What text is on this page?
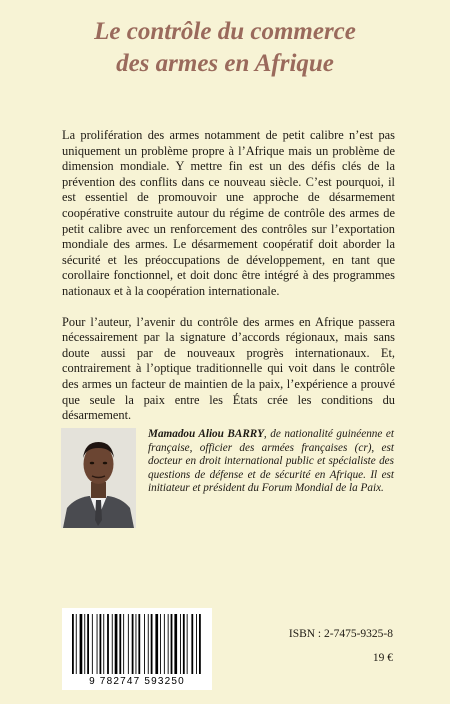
Le contrôle du commerce
des armes en Afrique

La prolifération des armes notamment de petit calibre n’est pas uniquement un problème propre à l’Afrique mais un problème de dimension mondiale. Y mettre fin est un des défis clés de la prévention des conflits dans ce nouveau siècle. C’est pourquoi, il est essentiel de promouvoir une approche de désarmement coopérative construite autour du régime de contrôle des armes de petit calibre avec un renforcement des contrôles sur l’exportation mondiale des armes. Le désarmement coopératif doit aborder la sécurité et les préoccupations de développement, en tant que corollaire fonctionnel, et doit donc être intégré à des programmes nationaux et à la coopération internationale.

Pour l’auteur, l’avenir du contrôle des armes en Afrique passera nécessairement par la signature d’accords régionaux, mais sans doute aussi par de nouveaux progrès internationaux. Et, contrairement à l’optique traditionnelle qui voit dans le contrôle des armes un facteur de maintien de la paix, l’expérience a prouvé que seule la paix entre les États crée les conditions du désarmement.

Mamadou Aliou BARRY, de nationalité guinéenne et française, officier des armées françaises (cr), est docteur en droit international public et spécialiste des questions de défense et de sécurité en Afrique. Il est initiateur et président du Forum Mondial de la Paix.
9 782747 593250
ISBN : 2-7475-9325-8
19 €
